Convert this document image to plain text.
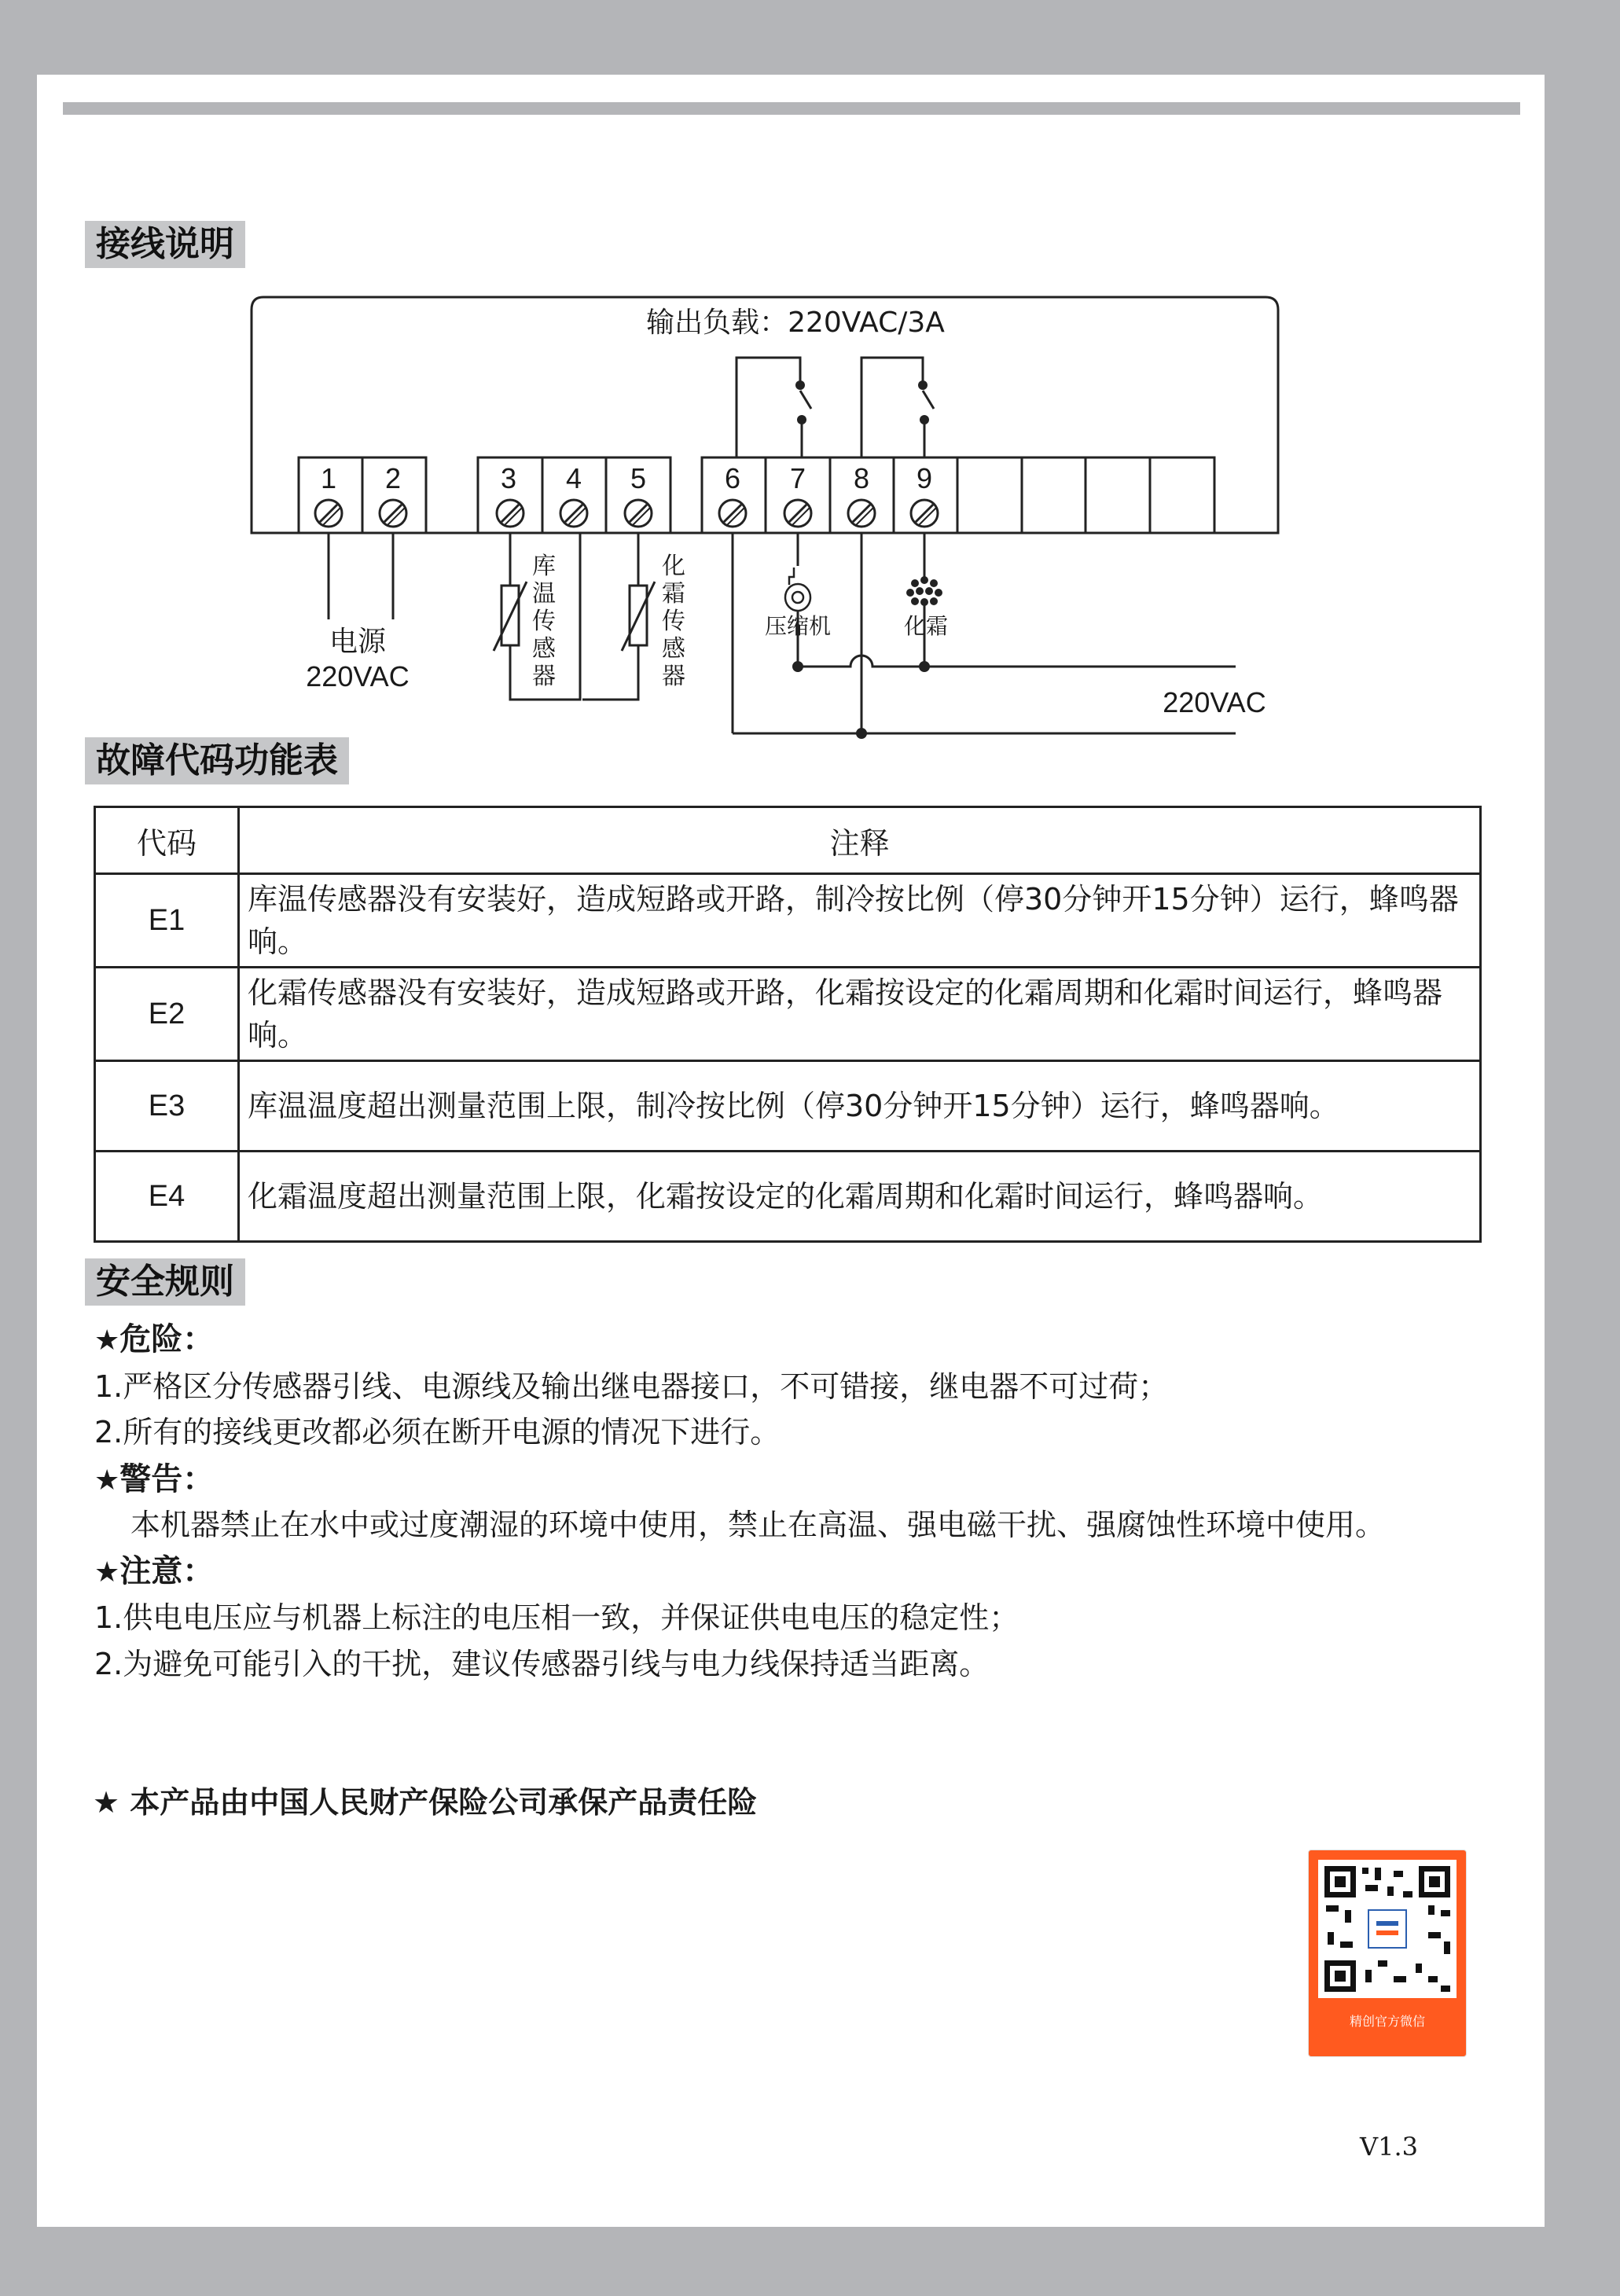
接线说明
输出负载：220VAC/3A
1 2	3 4 5	6 7 8 9
电源
220VAC
库
温
传
感
器
化
霜
传
感
器
压缩机	化霜
220VAC
故障代码功能表
代码	注释
E1	库温传感器没有安装好，造成短路或开路，制冷按比例（停30分钟开15分钟）运行，蜂鸣器响。
E2	化霜传感器没有安装好，造成短路或开路，化霜按设定的化霜周期和化霜时间运行，蜂鸣器响。
E3	库温温度超出测量范围上限，制冷按比例（停30分钟开15分钟）运行，蜂鸣器响。
E4	化霜温度超出测量范围上限，化霜按设定的化霜周期和化霜时间运行，蜂鸣器响。
安全规则
★危险：
1.严格区分传感器引线、电源线及输出继电器接口，不可错接，继电器不可过荷；
2.所有的接线更改都必须在断开电源的情况下进行。
★警告：
本机器禁止在水中或过度潮湿的环境中使用，禁止在高温、强电磁干扰、强腐蚀性环境中使用。
★注意：
1.供电电压应与机器上标注的电压相一致，并保证供电电压的稳定性；
2.为避免可能引入的干扰，建议传感器引线与电力线保持适当距离。
★ 本产品由中国人民财产保险公司承保产品责任险
精创官方微信
V1.3
